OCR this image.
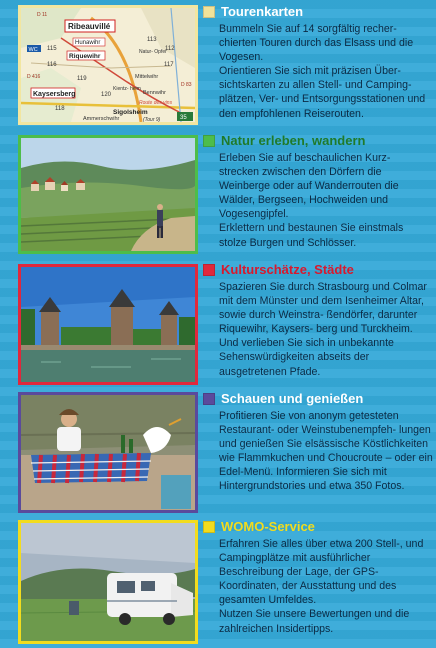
Ribeauvillé
Hunawihr
Riquewihr
Kaysersberg
Mittelwihr
Bennwihr
Route des vins
Sigolsheim
Ammerschwihr	(Tour 9)
Kientz- heim
Natur- Opfer
113
112
117
115
116
118
119
120
WC
D 416
D 11
D 83
35
Tourenkarten

Bummeln Sie auf 14 sorgfältig recher- chierten Touren durch das Elsass und die Vogesen.

Orientieren Sie sich mit präzisen Über- sichtskarten zu allen Stell- und Camping- plätzen, Ver- und Entsorgungsstationen und den empfohlenen Reiserouten.

Natur erleben, wandern

Erleben Sie auf beschaulichen Kurz- strecken zwischen den Dörfern die Weinberge oder auf Wanderrouten die Wälder, Bergseen, Hochweiden und Vogesengipfel.

Erklettern und bestaunen Sie einstmals stolze Burgen und Schlösser.

Kulturschätze, Städte

Spazieren Sie durch Strasbourg und Colmar mit dem Münster und dem Isenheimer Altar, sowie durch Weinstra- ßendörfer, darunter Riquewihr, Kaysers- berg und Turckheim. Und verlieben Sie sich in unbekannte Sehenswürdigkeiten abseits der ausgetretenen Pfade.

Schauen und genießen

Profitieren Sie von anonym getesteten Restaurant- oder Weinstubenempfeh- lungen und genießen Sie elsässische Köstlichkeiten wie Flammkuchen und Choucroute – oder ein Edel-Menü. Informieren Sie sich mit Hintergrundstories und etwa 350 Fotos.

WOMO-Service

Erfahren Sie alles über etwa 200 Stell-, und Campingplätze mit ausführlicher Beschreibung der Lage, der GPS- Koordinaten, der Ausstattung und des gesamten Umfeldes.

Nutzen Sie unsere Bewertungen und die zahlreichen Insidertipps.
